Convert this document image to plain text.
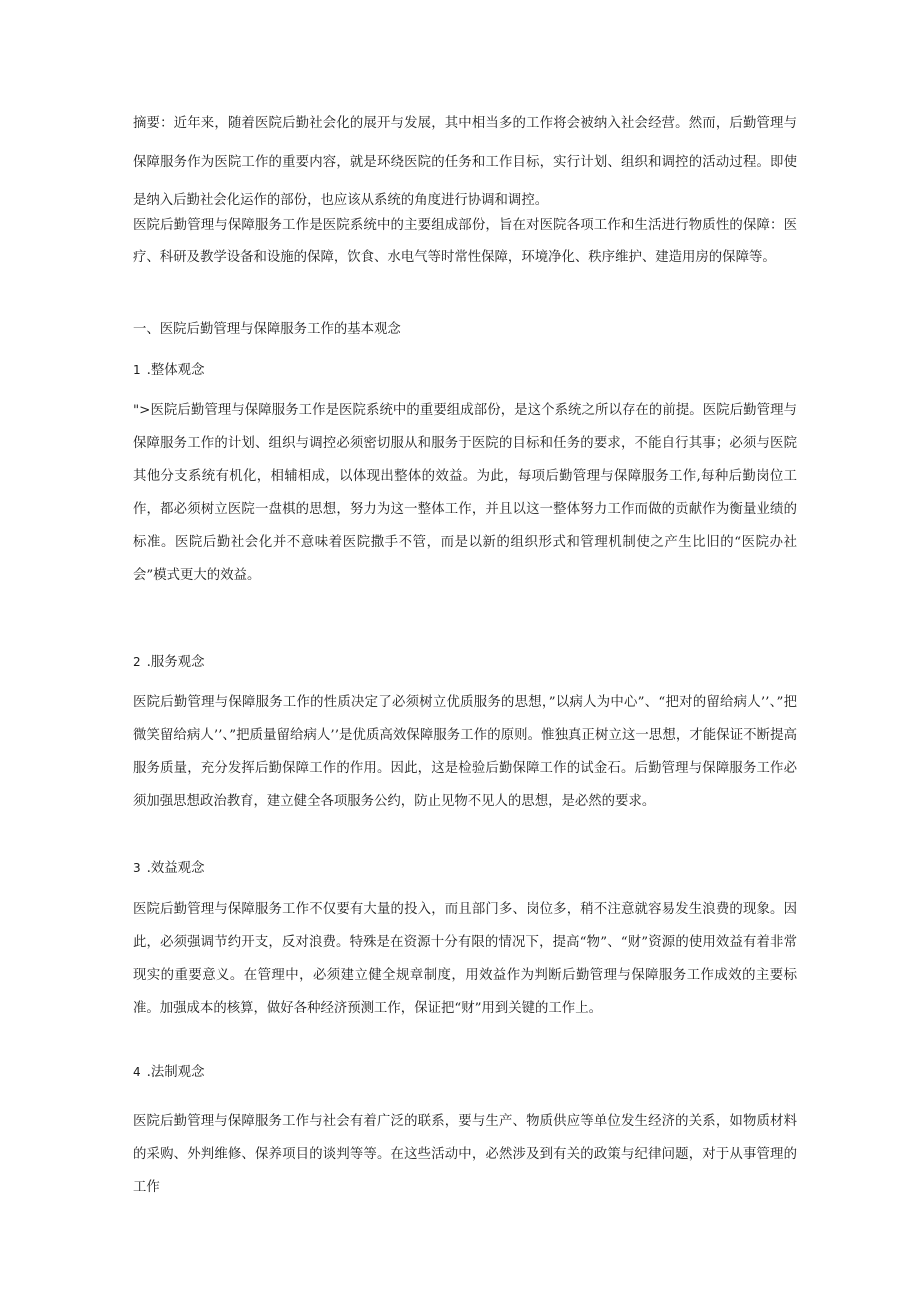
摘要：近年来，随着医院后勤社会化的展开与发展，其中相当多的工作将会被纳入社会经营。然而，后勤管理与保障服务作为医院工作的重要内容，就是环绕医院的任务和工作目标，实行计划、组织和调控的活动过程。即使是纳入后勤社会化运作的部份，也应该从系统的角度进行协调和调控。

医院后勤管理与保障服务工作是医院系统中的主要组成部份，旨在对医院各项工作和生活进行物质性的保障：医疗、科研及教学设备和设施的保障，饮食、水电气等时常性保障，环境净化、秩序维护、建造用房的保障等。

一、医院后勤管理与保障服务工作的基本观念

1 .整体观念

">医院后勤管理与保障服务工作是医院系统中的重要组成部份，是这个系统之所以存在的前提。医院后勤管理与保障服务工作的计划、组织与调控必须密切服从和服务于医院的目标和任务的要求，不能自行其事；必须与医院其他分支系统有机化，相辅相成，以体现出整体的效益。为此，每项后勤管理与保障服务工作,每种后勤岗位工作，都必须树立医院一盘棋的思想，努力为这一整体工作，并且以这一整体努力工作而做的贡献作为衡量业绩的标准。医院后勤社会化并不意味着医院撒手不管，而是以新的组织形式和管理机制使之产生比旧的“医院办社会”模式更大的效益。

2 .服务观念

医院后勤管理与保障服务工作的性质决定了必须树立优质服务的思想，”以病人为中心”、“把对的留给病人’’、”把微笑留给病人’’、”把质量留给病人’’是优质高效保障服务工作的原则。惟独真正树立这一思想，才能保证不断提高服务质量，充分发挥后勤保障工作的作用。因此，这是检验后勤保障工作的试金石。后勤管理与保障服务工作必须加强思想政治教育，建立健全各项服务公约，防止见物不见人的思想，是必然的要求。

3 .效益观念

医院后勤管理与保障服务工作不仅要有大量的投入，而且部门多、岗位多，稍不注意就容易发生浪费的现象。因此，必须强调节约开支，反对浪费。特殊是在资源十分有限的情况下，提高“物”、“财”资源的使用效益有着非常现实的重要意义。在管理中，必须建立健全规章制度，用效益作为判断后勤管理与保障服务工作成效的主要标准。加强成本的核算，做好各种经济预测工作，保证把“财”用到关键的工作上。

4 .法制观念

医院后勤管理与保障服务工作与社会有着广泛的联系，要与生产、物质供应等单位发生经济的关系，如物质材料的采购、外判维修、保养项目的谈判等等。在这些活动中，必然涉及到有关的政策与纪律问题，对于从事管理的工作
